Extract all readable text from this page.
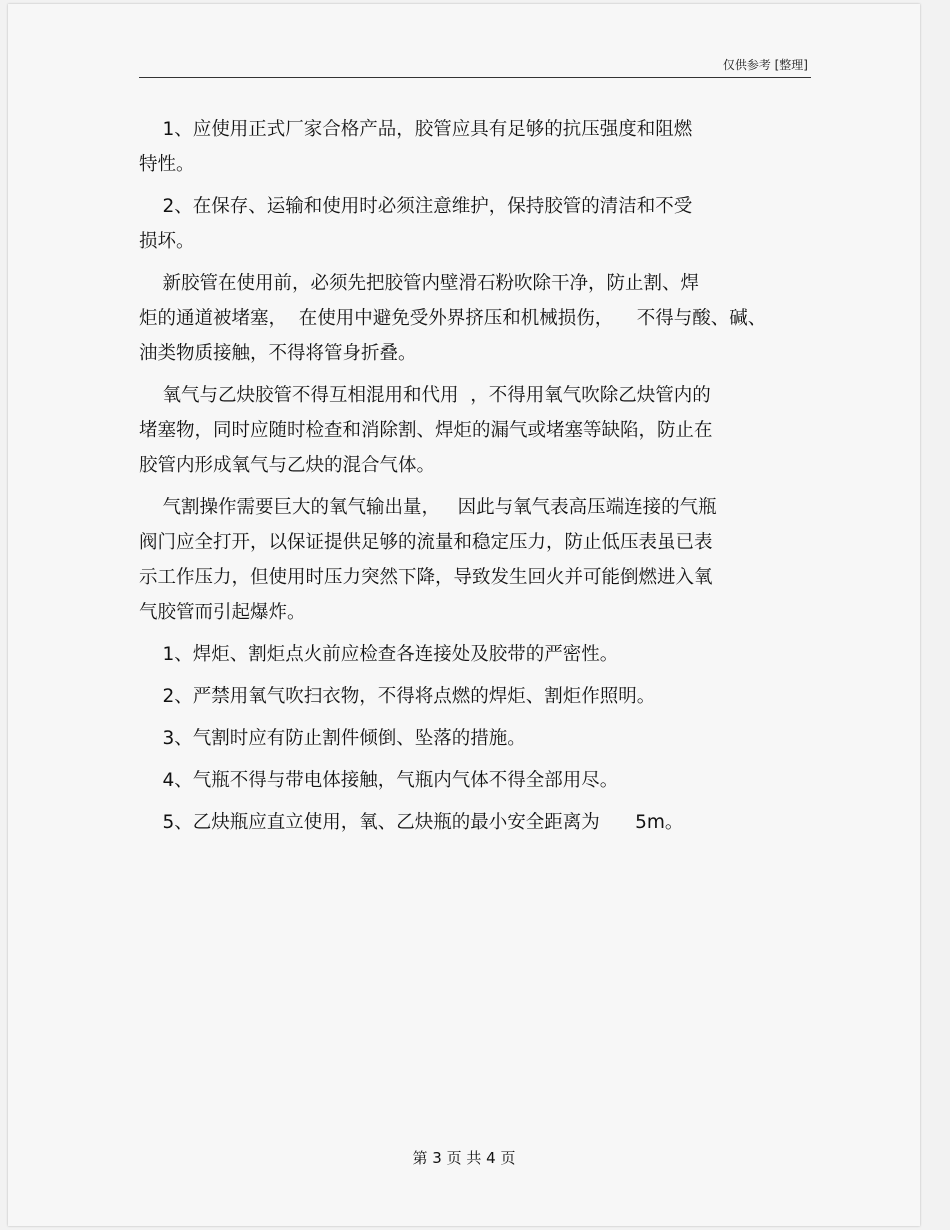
仅供参考 [整理]

1、应使用正式厂家合格产品，胶管应具有足够的抗压强度和阻燃
特性。

2、在保存、运输和使用时必须注意维护，保持胶管的清洁和不受
损坏。

新胶管在使用前，必须先把胶管内壁滑石粉吹除干净，防止割、焊
炬的通道被堵塞，  在使用中避免受外界挤压和机械损伤，    不得与酸、碱、
油类物质接触，不得将管身折叠。

氧气与乙炔胶管不得互相混用和代用  ，不得用氧气吹除乙炔管内的
堵塞物，同时应随时检查和消除割、焊炬的漏气或堵塞等缺陷，防止在
胶管内形成氧气与乙炔的混合气体。

气割操作需要巨大的氧气输出量，   因此与氧气表高压端连接的气瓶
阀门应全打开，以保证提供足够的流量和稳定压力，防止低压表虽已表
示工作压力，但使用时压力突然下降，导致发生回火并可能倒燃进入氧
气胶管而引起爆炸。

1、焊炬、割炬点火前应检查各连接处及胶带的严密性。

2、严禁用氧气吹扫衣物，不得将点燃的焊炬、割炬作照明。

3、气割时应有防止割件倾倒、坠落的措施。

4、气瓶不得与带电体接触，气瓶内气体不得全部用尽。

5、乙炔瓶应直立使用，氧、乙炔瓶的最小安全距离为      5m。

第 3 页 共 4 页
